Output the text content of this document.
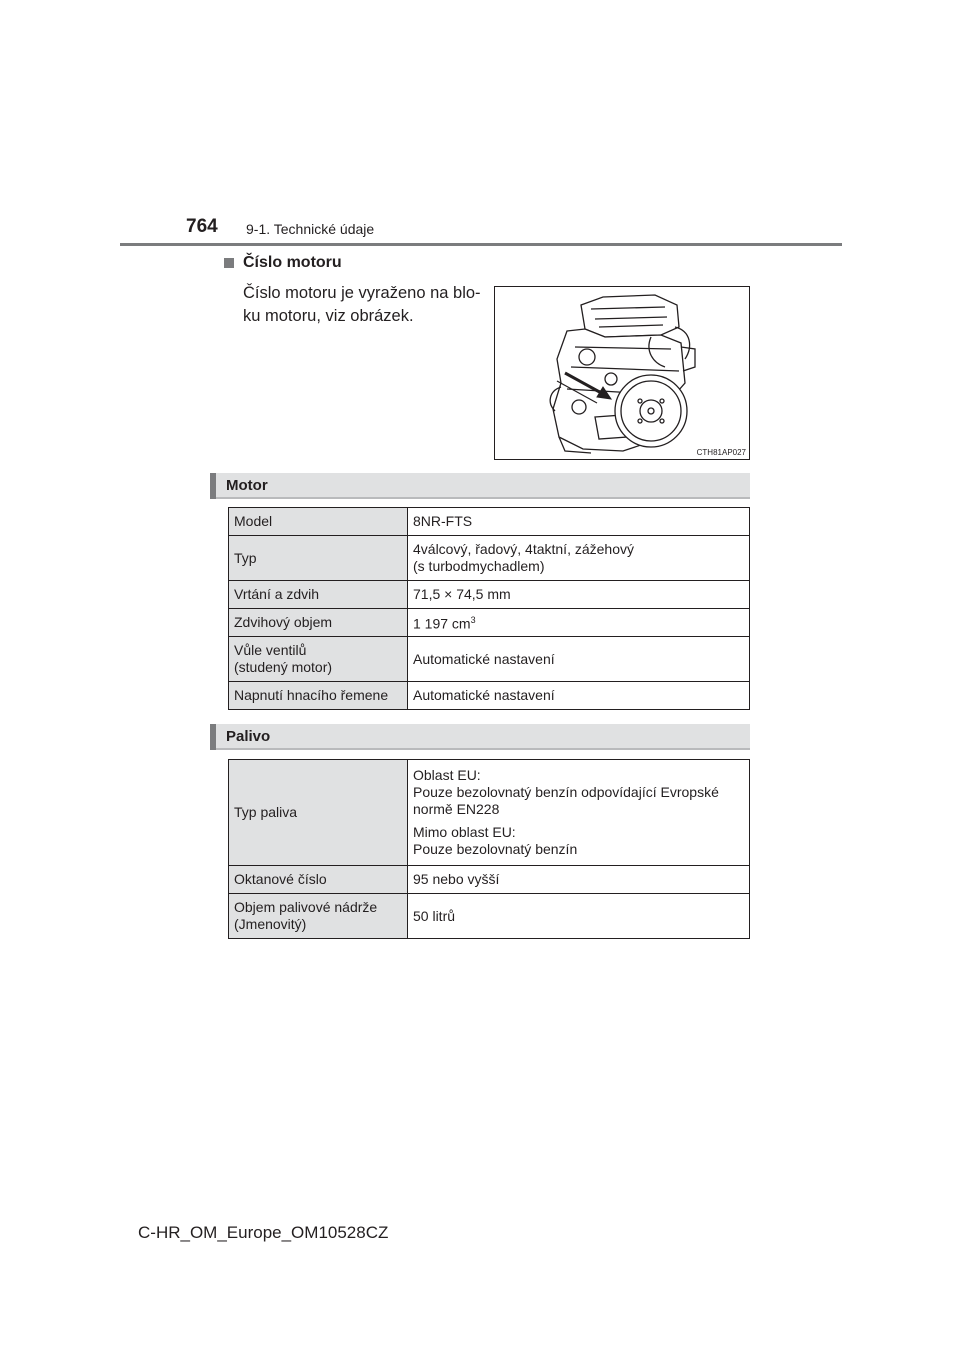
764 9-1. Technické údaje
Číslo motoru

Číslo motoru je vyraženo na blo-

ku motoru, viz obrázek.

CTH81AP027
Motor
Model	8NR-FTS
Typ	4válcový, řadový, 4taktní, zážehový
(s turbodmychadlem)
Vrtání a zdvih	71,5 × 74,5 mm
Zdvihový objem	1 197 $cm^3$
Vůle ventilů
(studený motor)	Automatické nastavení
Napnutí hnacího řemene	Automatické nastavení
Palivo
Typ paliva	Oblast EU:
Pouze bezolovnatý benzín odpovídající Evropské
normě EN228

Mimo oblast EU:
Pouze bezolovnatý benzín

Oktanové číslo	95 nebo vyšší
Objem palivové nádrže
(Jmenovitý)	50 litrů
C-HR_OM_Europe_OM10528CZ
